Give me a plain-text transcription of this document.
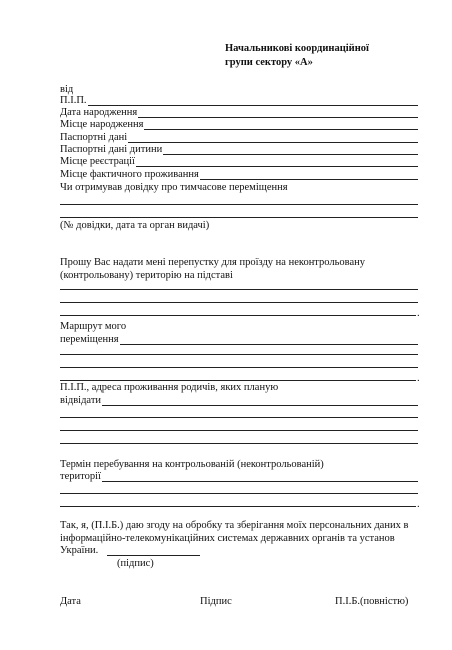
Начальникові координаційної
групи сектору «А»
від
П.І.П.
Дата народження
Місце народження
Паспортні дані
Паспортні дані дитини
Місце реєстрації
Місце фактичного проживання
Чи отримував довідку про тимчасове переміщення
(№ довідки, дата та орган видачі)
Прошу Вас надати мені перепустку для проїзду на неконтрольовану
(контрольовану) територію на підставі
.
Маршрут мого
переміщення
.
П.І.П., адреса проживання родичів, яких планую
відвідати
Термін перебування на контрольованій (неконтрольованій)
території
.
Так, я, (П.І.Б.) даю згоду на обробку та зберігання моїх персональних даних в
інформаційно-телекомунікаційних системах державних органів та установ
України.
(підпис)
Дата	Підпис	П.І.Б.(повністю)
